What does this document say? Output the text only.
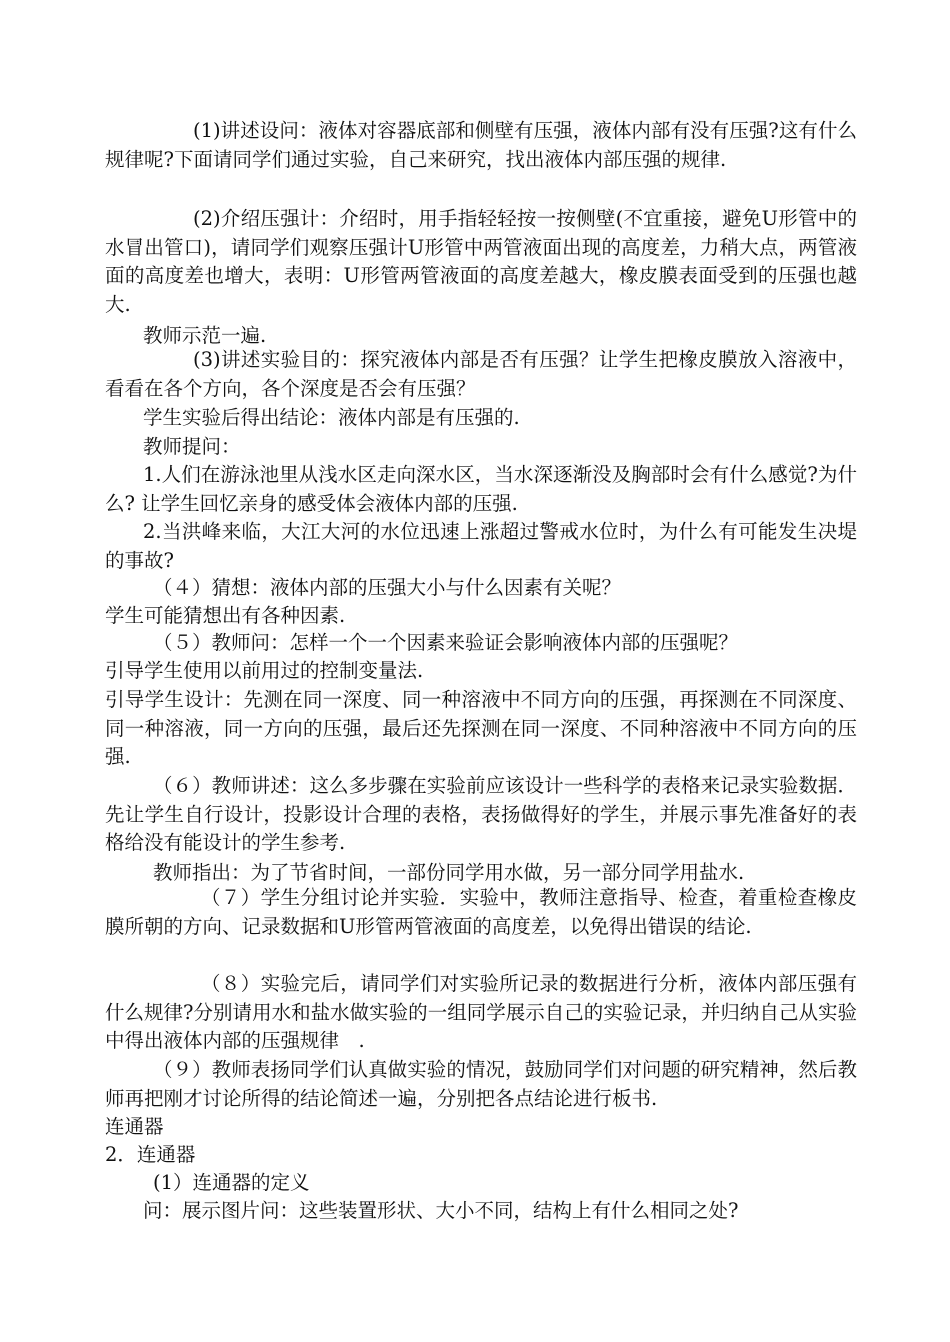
(1)讲述设问：液体对容器底部和侧壁有压强，液体内部有没有压强?这有什么规律呢?下面请同学们通过实验，自己来研究，找出液体内部压强的规律.

(2)介绍压强计：介绍时，用手指轻轻按一按侧壁(不宜重接，避免U形管中的水冒出管口)，请同学们观察压强计U形管中两管液面出现的高度差，力稍大点，两管液面的高度差也增大，表明：U形管两管液面的高度差越大，橡皮膜表面受到的压强也越大.

教师示范一遍.

(3)讲述实验目的：探究液体内部是否有压强？让学生把橡皮膜放入溶液中，看看在各个方向，各个深度是否会有压强？

学生实验后得出结论：液体内部是有压强的.

教师提问：

1.人们在游泳池里从浅水区走向深水区，当水深逐渐没及胸部时会有什么感觉?为什么? 让学生回忆亲身的感受体会液体内部的压强.

2.当洪峰来临，大江大河的水位迅速上涨超过警戒水位时，为什么有可能发生决堤的事故?

（４）猜想：液体内部的压强大小与什么因素有关呢？

学生可能猜想出有各种因素.

（５）教师问：怎样一个一个因素来验证会影响液体内部的压强呢？

引导学生使用以前用过的控制变量法.

引导学生设计：先测在同一深度、同一种溶液中不同方向的压强，再探测在不同深度、同一种溶液，同一方向的压强，最后还先探测在同一深度、不同种溶液中不同方向的压强.

（６）教师讲述：这么多步骤在实验前应该设计一些科学的表格来记录实验数据．先让学生自行设计，投影设计合理的表格，表扬做得好的学生，并展示事先准备好的表格给没有能设计的学生参考.

教师指出：为了节省时间，一部份同学用水做，另一部分同学用盐水.

（７）学生分组讨论并实验．实验中，教师注意指导、检查，着重检查橡皮膜所朝的方向、记录数据和U形管两管液面的高度差，以免得出错误的结论.

（８）实验完后，请同学们对实验所记录的数据进行分析，液体内部压强有什么规律?分别请用水和盐水做实验的一组同学展示自己的实验记录，并归纳自己从实验中得出液体内部的压强规律　.

（９）教师表扬同学们认真做实验的情况，鼓励同学们对问题的研究精神，然后教师再把刚才讨论所得的结论简述一遍，分别把各点结论进行板书.

连通器

2．连通器

(1）连通器的定义

问：展示图片问：这些装置形状、大小不同，结构上有什么相同之处?
